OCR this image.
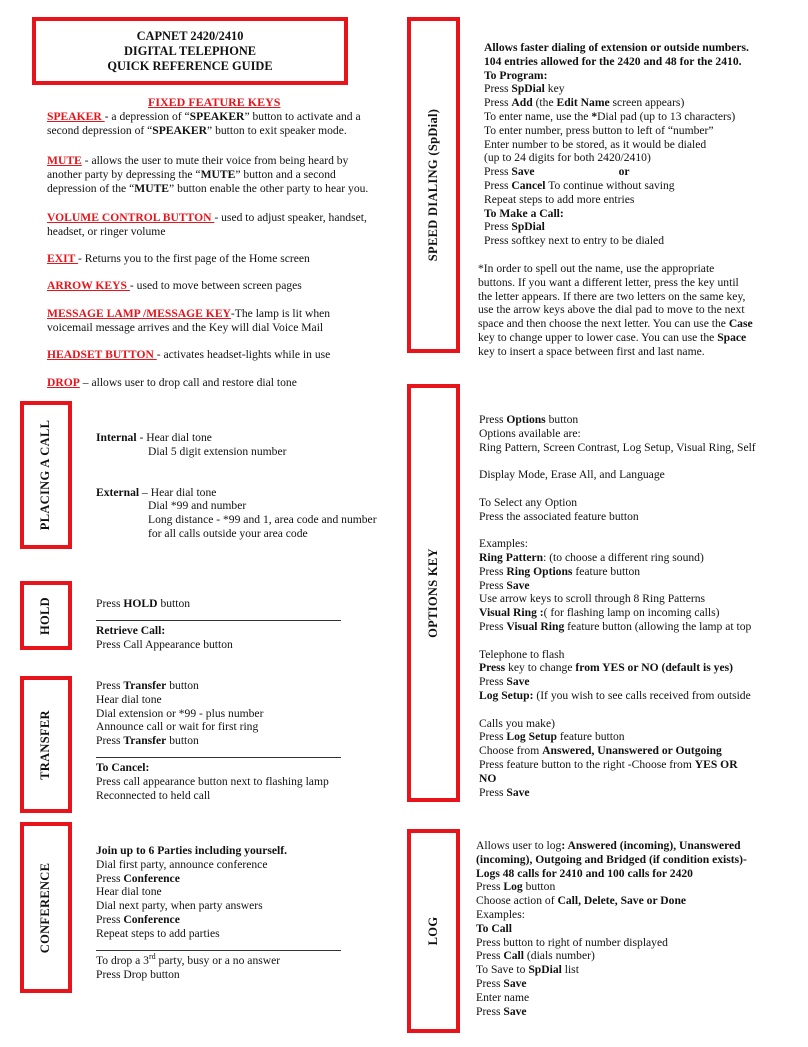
CAPNET 2420/2410
DIGITAL TELEPHONE
QUICK REFERENCE GUIDE
FIXED FEATURE KEYS
SPEAKER - a depression of “SPEAKER” button to activate and a
second depression of “SPEAKER” button to exit speaker mode.
MUTE - allows the user to mute their voice from being heard by
another party by depressing the “MUTE” button and a second
depression of the “MUTE” button enable the other party to hear you.
VOLUME CONTROL BUTTON - used to adjust speaker, handset,
headset, or ringer volume
EXIT - Returns you to the first page of the Home screen
ARROW KEYS - used to move between screen pages
MESSAGE LAMP /MESSAGE KEY-The lamp is lit when
voicemail message arrives and the Key will dial Voice Mail
HEADSET BUTTON - activates headset-lights while in use
DROP – allows user to drop call and restore dial tone
PLACING A CALL	Internal - Hear dial tone
Dial 5 digit extension number
External – Hear dial tone
Dial *99 and number
Long distance - *99 and 1, area code and number
for all calls outside your area code
HOLD	Press HOLD button
Retrieve Call:
Press Call Appearance button
TRANSFER
Press Transfer button
Hear dial tone
Dial extension or *99 - plus number
Announce call or wait for first ring
Press Transfer button
To Cancel:
Press call appearance button next to flashing lamp
Reconnected to held call
CONFERENCE
Join up to 6 Parties including yourself.
Dial first party, announce conference
Press Conference
Hear dial tone
Dial next party, when party answers
Press Conference
Repeat steps to add parties
To drop a 3rd party, busy or a no answer
Press Drop button
SPEED DIALING (SpDial)
Allows faster dialing of extension or outside numbers.
104 entries allowed for the 2420 and 48 for the 2410.
To Program:
Press SpDial key
Press Add (the Edit Name screen appears)
To enter name, use the *Dial pad (up to 13 characters)
To enter number, press button to left of “number”
Enter number to be stored, as it would be dialed
(up to 24 digits for both 2420/2410)
Press Save	or
Press Cancel To continue without saving
Repeat steps to add more entries
To Make a Call:
Press SpDial
Press softkey next to entry to be dialed
*In order to spell out the name, use the appropriate
buttons. If you want a different letter, press the key until
the letter appears. If there are two letters on the same key,
use the arrow keys above the dial pad to move to the next
space and then choose the next letter. You can use the Case
key to change upper to lower case. You can use the Space
key to insert a space between first and last name.
OPTIONS KEY
Press Options button
Options available are:
Ring Pattern, Screen Contrast, Log Setup, Visual Ring, Self
Display Mode, Erase All, and Language
To Select any Option
Press the associated feature button
Examples:
Ring Pattern: (to choose a different ring sound)
Press Ring Options feature button
Press Save
Use arrow keys to scroll through 8 Ring Patterns
Visual Ring :( for flashing lamp on incoming calls)
Press Visual Ring feature button (allowing the lamp at top
Telephone to flash
Press key to change from YES or NO (default is yes)
Press Save
Log Setup: (If you wish to see calls received from outside
Calls you make)
Press Log Setup feature button
Choose from Answered, Unanswered or Outgoing
Press feature button to the right -Choose from YES OR
NO
Press Save
LOG
Allows user to log: Answered (incoming), Unanswered
(incoming), Outgoing and Bridged (if condition exists)-
Logs 48 calls for 2410 and 100 calls for 2420
Press Log button
Choose action of Call, Delete, Save or Done
Examples:
To Call
Press button to right of number displayed
Press Call (dials number)
To Save to SpDial list
Press Save
Enter name
Press Save
